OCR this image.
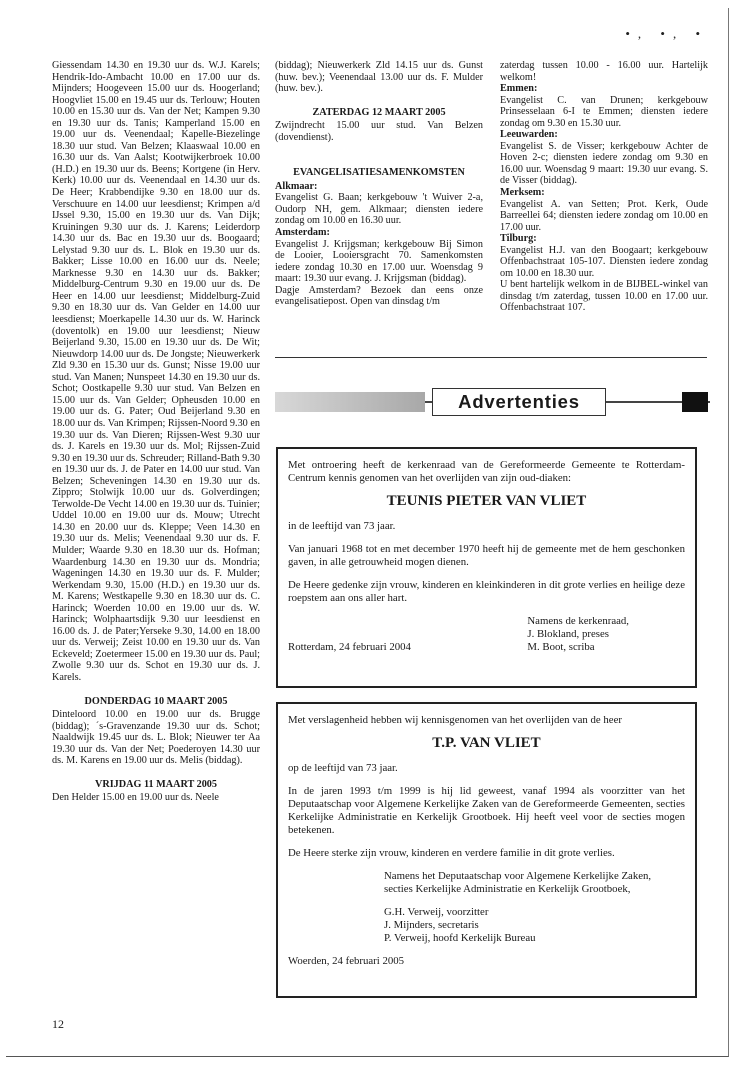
•, •, •

Giessendam 14.30 en 19.30 uur ds. W.J. Karels; Hendrik-Ido-Ambacht 10.00 en 17.00 uur ds. Mijnders; Hoogeveen 15.00 uur ds. Hoogerland; Hoogvliet 15.00 en 19.45 uur ds. Terlouw; Houten 10.00 en 15.30 uur ds. Van der Net; Kampen 9.30 en 19.30 uur ds. Tanis; Kamperland 15.00 en 19.00 uur ds. Veenendaal; Kapelle-Biezelinge 18.30 uur stud. Van Belzen; Klaaswaal 10.00 en 16.30 uur ds. Van Aalst; Kootwijkerbroek 10.00 (H.D.) en 19.30 uur ds. Beens; Kortgene (in Herv. Kerk) 10.00 uur ds. Veenendaal en 14.30 uur ds. De Heer; Krabbendijke 9.30 en 18.00 uur ds. Verschuure en 14.00 uur leesdienst; Krimpen a/d IJssel 9.30, 15.00 en 19.30 uur ds. Van Dijk; Kruiningen 9.30 uur ds. J. Karens; Leiderdorp 14.30 uur ds. Bac en 19.30 uur ds. Boogaard; Lelystad 9.30 uur ds. L. Blok en 19.30 uur ds. Bakker; Lisse 10.00 en 16.00 uur ds. Neele; Marknesse 9.30 en 14.30 uur ds. Bakker; Middelburg-Centrum 9.30 en 19.00 uur ds. De Heer en 14.00 uur leesdienst; Middelburg-Zuid 9.30 en 18.30 uur ds. Van Gelder en 14.00 uur leesdienst; Moerkapelle 14.30 uur ds. W. Harinck (doventolk) en 19.00 uur leesdienst; Nieuw Beijerland 9.30, 15.00 en 19.30 uur ds. De Wit; Nieuwdorp 14.00 uur ds. De Jongste; Nieuwerkerk Zld 9.30 en 15.30 uur ds. Gunst; Nisse 19.00 uur stud. Van Manen; Nunspeet 14.30 en 19.30 uur ds. Schot; Oostkapelle 9.30 uur stud. Van Belzen en 15.00 uur ds. Van Gelder; Opheusden 10.00 en 19.00 uur ds. G. Pater; Oud Beijerland 9.30 en 18.00 uur ds. Van Krimpen; Rijssen-Noord 9.30 en 19.30 uur ds. Van Dieren; Rijssen-West 9.30 uur ds. J. Karels en 19.30 uur ds. Mol; Rijssen-Zuid 9.30 en 19.30 uur ds. Schreuder; Rilland-Bath 9.30 en 19.30 uur ds. J. de Pater en 14.00 uur stud. Van Belzen; Scheveningen 14.30 en 19.30 uur ds. Zippro; Stolwijk 10.00 uur ds. Golverdingen; Terwolde-De Vecht 14.00 en 19.30 uur ds. Tuinier; Uddel 10.00 en 19.00 uur ds. Mouw; Utrecht 14.30 en 20.00 uur ds. Kleppe; Veen 14.30 en 19.30 uur ds. Melis; Veenendaal 9.30 uur ds. F. Mulder; Waarde 9.30 en 18.30 uur ds. Hofman; Waardenburg 14.30 en 19.30 uur ds. Mondria; Wageningen 14.30 en 19.30 uur ds. F. Mulder; Werkendam 9.30, 15.00 (H.D.) en 19.30 uur ds. M. Karens; Westkapelle 9.30 en 18.30 uur ds. C. Harinck; Woerden 10.00 en 19.00 uur ds. W. Harinck; Wolphaartsdijk 9.30 uur leesdienst en 16.00 ds. J. de Pater;Yerseke 9.30, 14.00 en 18.00 uur ds. Verweij; Zeist 10.00 en 19.30 uur ds. Van Eckeveld; Zoetermeer 15.00 en 19.30 uur ds. Paul; Zwolle 9.30 uur ds. Schot en 19.30 uur ds. J. Karels.

DONDERDAG 10 MAART 2005

Dinteloord 10.00 en 19.00 uur ds. Brugge (biddag); ´s-Gravenzande 19.30 uur ds. Schot; Naaldwijk 19.45 uur ds. L. Blok; Nieuwer ter Aa 19.30 uur ds. Van der Net; Poederoyen 14.30 uur ds. M. Karens en 19.00 uur ds. Melis (biddag).

VRIJDAG 11 MAART 2005

Den Helder 15.00 en 19.00 uur ds. Neele

(biddag); Nieuwerkerk Zld 14.15 uur ds. Gunst (huw. bev.); Veenendaal 13.00 uur ds. F. Mulder (huw. bev.).

ZATERDAG 12 MAART 2005

Zwijndrecht 15.00 uur stud. Van Belzen (dovendienst).

EVANGELISATIESAMENKOMSTEN
Alkmaar:

Evangelist G. Baan; kerkgebouw 't Wuiver 2-a, Oudorp NH, gem. Alkmaar; diensten iedere zondag om 10.00 en 16.30 uur.

Amsterdam:

Evangelist J. Krijgsman; kerkgebouw Bij Simon de Looier, Looiersgracht 70. Samenkomsten iedere zondag 10.30 en 17.00 uur. Woensdag 9 maart: 19.30 uur evang. J. Krijgsman (biddag).

Dagje Amsterdam? Bezoek dan eens onze evangelisatiepost. Open van dinsdag t/m

zaterdag tussen 10.00 - 16.00 uur. Hartelijk welkom!

Emmen:

Evangelist C. van Drunen; kerkgebouw Prinsesselaan 6-I te Emmen; diensten iedere zondag om 9.30 en 15.30 uur.

Leeuwarden:

Evangelist S. de Visser; kerkgebouw Achter de Hoven 2-c; diensten iedere zondag om 9.30 en 16.00 uur. Woensdag 9 maart: 19.30 uur evang. S. de Visser (biddag).

Merksem:

Evangelist A. van Setten; Prot. Kerk, Oude Barreellei 64; diensten iedere zondag om 10.00 en 17.00 uur.

Tilburg:

Evangelist H.J. van den Boogaart; kerkgebouw Offenbachstraat 105-107. Diensten iedere zondag om 10.00 en 18.30 uur.

U bent hartelijk welkom in de BIJBEL-winkel van dinsdag t/m zaterdag, tussen 10.00 en 17.00 uur. Offenbachstraat 107.

Advertenties

Met ontroering heeft de kerkenraad van de Gereformeerde Gemeente te Rotterdam-Centrum kennis genomen van het overlijden van zijn oud-diaken:

TEUNIS PIETER VAN VLIET

in de leeftijd van 73 jaar.

Van januari 1968 tot en met december 1970 heeft hij de gemeente met de hem geschonken gaven, in alle getrouwheid mogen dienen.

De Heere gedenke zijn vrouw, kinderen en kleinkinderen in dit grote verlies en heilige deze roepstem aan ons aller hart.

Rotterdam, 24 februari 2004
Namens de kerkenraad,
J. Blokland, preses
M. Boot, scriba

Met verslagenheid hebben wij kennisgenomen van het overlijden van de heer

T.P. VAN VLIET

op de leeftijd van 73 jaar.

In de jaren 1993 t/m 1999 is hij lid geweest, vanaf 1994 als voorzitter van het Deputaatschap voor Algemene Kerkelijke Zaken van de Gereformeerde Gemeenten, secties Kerkelijke Administratie en Kerkelijk Grootboek. Hij heeft veel voor de secties mogen betekenen.

De Heere sterke zijn vrouw, kinderen en verdere familie in dit grote verlies.

Namens het Deputaatschap voor Algemene Kerkelijke Zaken,
secties Kerkelijke Administratie en Kerkelijk Grootboek,
G.H. Verweij, voorzitter
J. Mijnders, secretaris
P. Verweij, hoofd Kerkelijk Bureau
Woerden, 24 februari 2005
12
